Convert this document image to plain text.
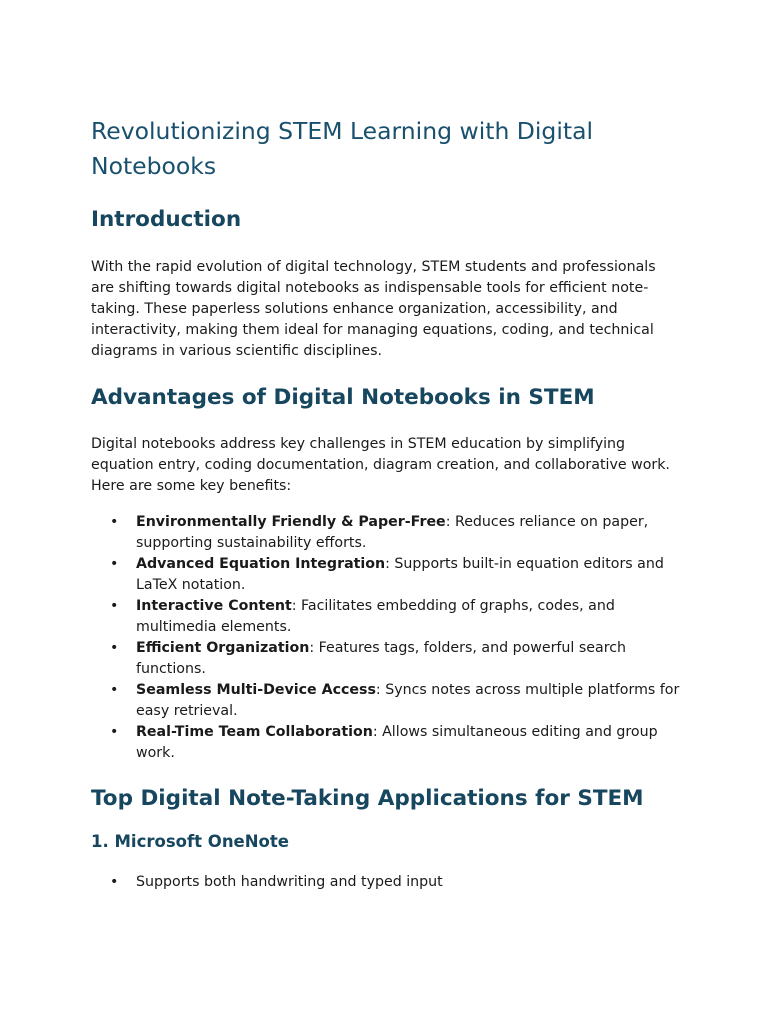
Revolutionizing STEM Learning with Digital Notebooks
Introduction

With the rapid evolution of digital technology, STEM students and professionals are shifting towards digital notebooks as indispensable tools for efficient note-taking. These paperless solutions enhance organization, accessibility, and interactivity, making them ideal for managing equations, coding, and technical diagrams in various scientific disciplines.

Advantages of Digital Notebooks in STEM

Digital notebooks address key challenges in STEM education by simplifying equation entry, coding documentation, diagram creation, and collaborative work. Here are some key benefits:

• Environmentally Friendly & Paper-Free: Reduces reliance on paper, supporting sustainability efforts.
• Advanced Equation Integration: Supports built-in equation editors and LaTeX notation.
• Interactive Content: Facilitates embedding of graphs, codes, and multimedia elements.
• Efficient Organization: Features tags, folders, and powerful search functions.
• Seamless Multi-Device Access: Syncs notes across multiple platforms for easy retrieval.
• Real-Time Team Collaboration: Allows simultaneous editing and group work.
Top Digital Note-Taking Applications for STEM
1. Microsoft OneNote
• Supports both handwriting and typed input
